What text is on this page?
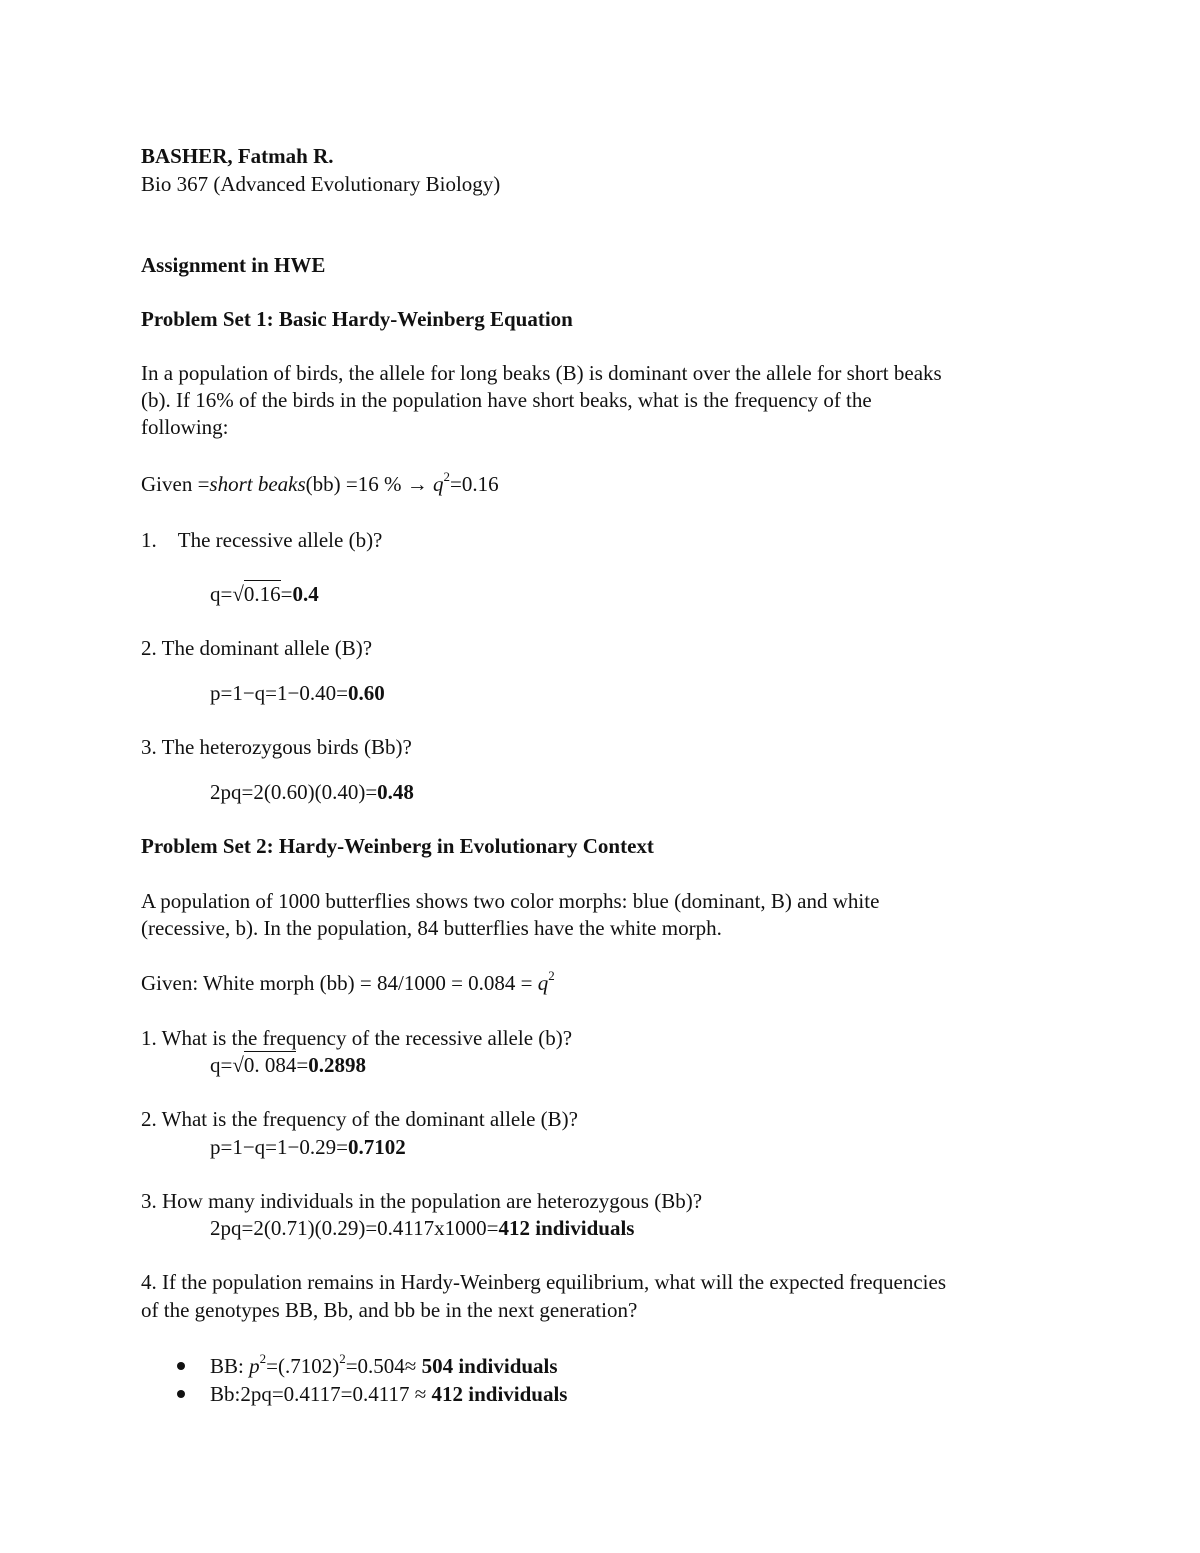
BASHER, Fatmah R.
Bio 367 (Advanced Evolutionary Biology)
Assignment in HWE
Problem Set 1: Basic Hardy-Weinberg Equation
In a population of birds, the allele for long beaks (B) is dominant over the allele for short beaks
(b). If 16% of the birds in the population have short beaks, what is the frequency of the
following:
Given =short beaks(bb) =16 % → $q^2=0.16$
1. The recessive allele (b)?
q=√0.16=0.4
2. The dominant allele (B)?
p=1−q=1−0.40=0.60
3. The heterozygous birds (Bb)?
2pq=2(0.60)(0.40)=0.48
Problem Set 2: Hardy-Weinberg in Evolutionary Context
A population of 1000 butterflies shows two color morphs: blue (dominant, B) and white
(recessive, b). In the population, 84 butterflies have the white morph.
Given: White morph $(bb) = 84/1000 = 0.084 = q^2$
1. What is the frequency of the recessive allele (b)?
q=√0. 084=0.2898
2. What is the frequency of the dominant allele (B)?
p=1−q=1−0.29=0.7102
3. How many individuals in the population are heterozygous (Bb)?
2pq=2(0.71)(0.29)=0.4117x1000=412 individuals
4. If the population remains in Hardy-Weinberg equilibrium, what will the expected frequencies
of the genotypes BB, Bb, and bb be in the next generation?
BB: $p^2=(.7102)^2=0.504\approx 504$ individuals
Bb:2pq=0.4117=0.4117 ≈ 412 individuals
